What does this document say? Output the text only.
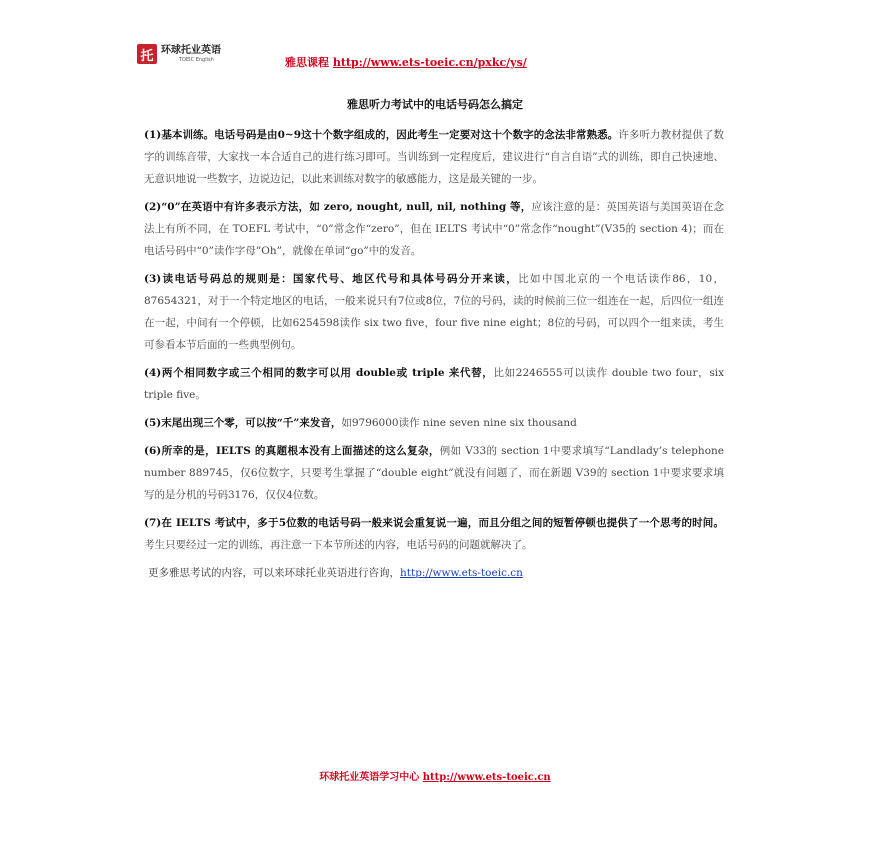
托 环球托业英语
TOEIC English	雅思课程 http://www.ets-toeic.cn/pxkc/ys/
雅思听力考试中的电话号码怎么搞定

(1)基本训练。电话号码是由0~9这十个数字组成的，因此考生一定要对这十个数字的念法非常熟悉。许多听力教材提供了数字的训练音带，大家找一本合适自己的进行练习即可。当训练到一定程度后，建议进行“自言自语”式的训练，即自己快速地、无意识地说一些数字，边说边记，以此来训练对数字的敏感能力，这是最关键的一步。

(2)“0”在英语中有许多表示方法，如 zero, nought, null, nil, nothing 等，应该注意的是：英国英语与美国英语在念法上有所不同，在 TOEFL 考试中，“0”常念作“zero”，但在 IELTS 考试中“0”常念作“nought”(V35的 section 4)；而在电话号码中“0”读作字母”Oh”，就像在单词“go”中的发音。

(3)读电话号码总的规则是：国家代号、地区代号和具体号码分开来读，比如中国北京的一个电话读作86，10，87654321，对于一个特定地区的电话，一般来说只有7位或8位，7位的号码，读的时候前三位一组连在一起，后四位一组连在一起，中间有一个停顿，比如6254598读作 six two five，four five nine eight；8位的号码，可以四个一组来读，考生可参看本节后面的一些典型例句。

(4)两个相同数字或三个相同的数字可以用 double或 triple 来代替，比如2246555可以读作 double two four，six triple five。

(5)末尾出现三个零，可以按“千”来发音，如9796000读作 nine seven nine six thousand

(6)所幸的是，IELTS 的真题根本没有上面描述的这么复杂，例如 V33的 section 1中要求填写“Landlady’s telephone number 889745，仅6位数字，只要考生掌握了“double eight”就没有问题了，而在新题 V39的 section 1中要求要求填写的是分机的号码3176，仅仅4位数。

(7)在 IELTS 考试中，多于5位数的电话号码一般来说会重复说一遍，而且分组之间的短暂停顿也提供了一个思考的时间。考生只要经过一定的训练，再注意一下本节所述的内容，电话号码的问题就解决了。

更多雅思考试的内容，可以来环球托业英语进行咨询，http://www.ets-toeic.cn
环球托业英语学习中心 http://www.ets-toeic.cn
